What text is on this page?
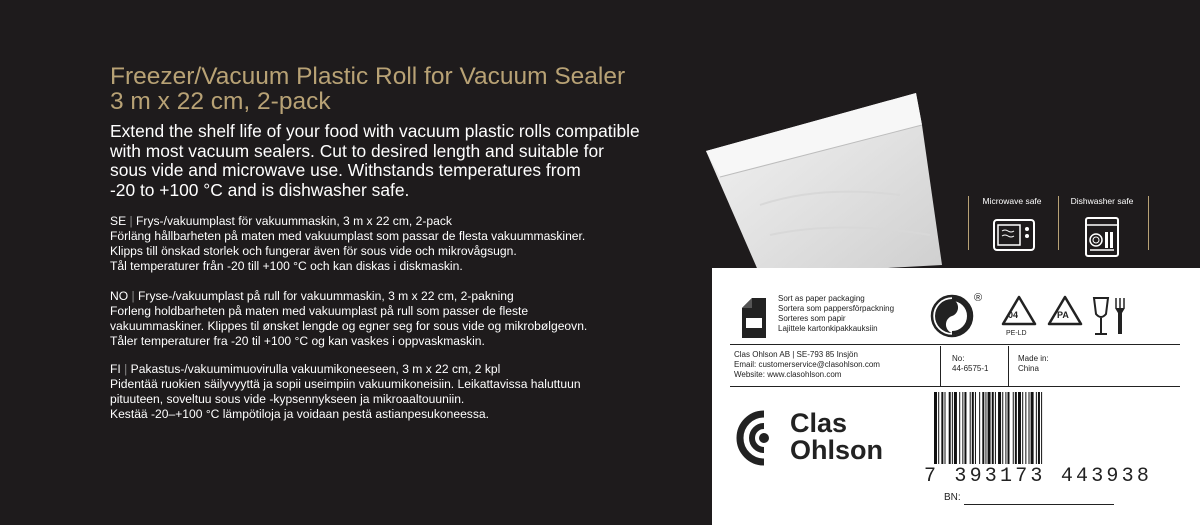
Freezer/Vacuum Plastic Roll for Vacuum Sealer
3 m x 22 cm, 2-pack

Extend the shelf life of your food with vacuum plastic rolls compatible
with most vacuum sealers. Cut to desired length and suitable for
sous vide and microwave use. Withstands temperatures from
-20 to +100 °C and is dishwasher safe.

SE | Frys-/vakuumplast för vakuummaskin, 3 m x 22 cm, 2-pack
Förläng hållbarheten på maten med vakuumplast som passar de flesta vakuummaskiner.
Klipps till önskad storlek och fungerar även för sous vide och mikrovågsugn.
Tål temperaturer från -20 till +100 °C och kan diskas i diskmaskin.

NO | Fryse-/vakuumplast på rull for vakuummaskin, 3 m x 22 cm, 2-pakning
Forleng holdbarheten på maten med vakuumplast på rull som passer de fleste
vakuummaskiner. Klippes til ønsket lengde og egner seg for sous vide og mikrobølgeovn.
Tåler temperaturer fra -20 til +100 °C og kan vaskes i oppvaskmaskin.

FI | Pakastus-/vakuumimuovirulla vakuumikoneeseen, 3 m x 22 cm, 2 kpl
Pidentää ruokien säilyvyyttä ja sopii useimpiin vakuumikoneisiin. Leikattavissa haluttuun
pituuteen, soveltuu sous vide -kypsennykseen ja mikroaaltouuniin.
Kestää -20–+100 °C lämpötiloja ja voidaan pestä astianpesukoneessa.

Microwave safe	Dishwasher safe
Sort as paper packaging
Sortera som pappersförpackning
Sorteres som papir
Lajittele kartonkipakkauksiin
®
04
PE-LD
PA
Clas Ohlson AB | SE-793 85 Insjön
Email: customerservice@clasohlson.com
Website: www.clasohlson.com
No:
44-6575-1
Made in:
China
Clas
Ohlson
7 393173 443938
BN:
